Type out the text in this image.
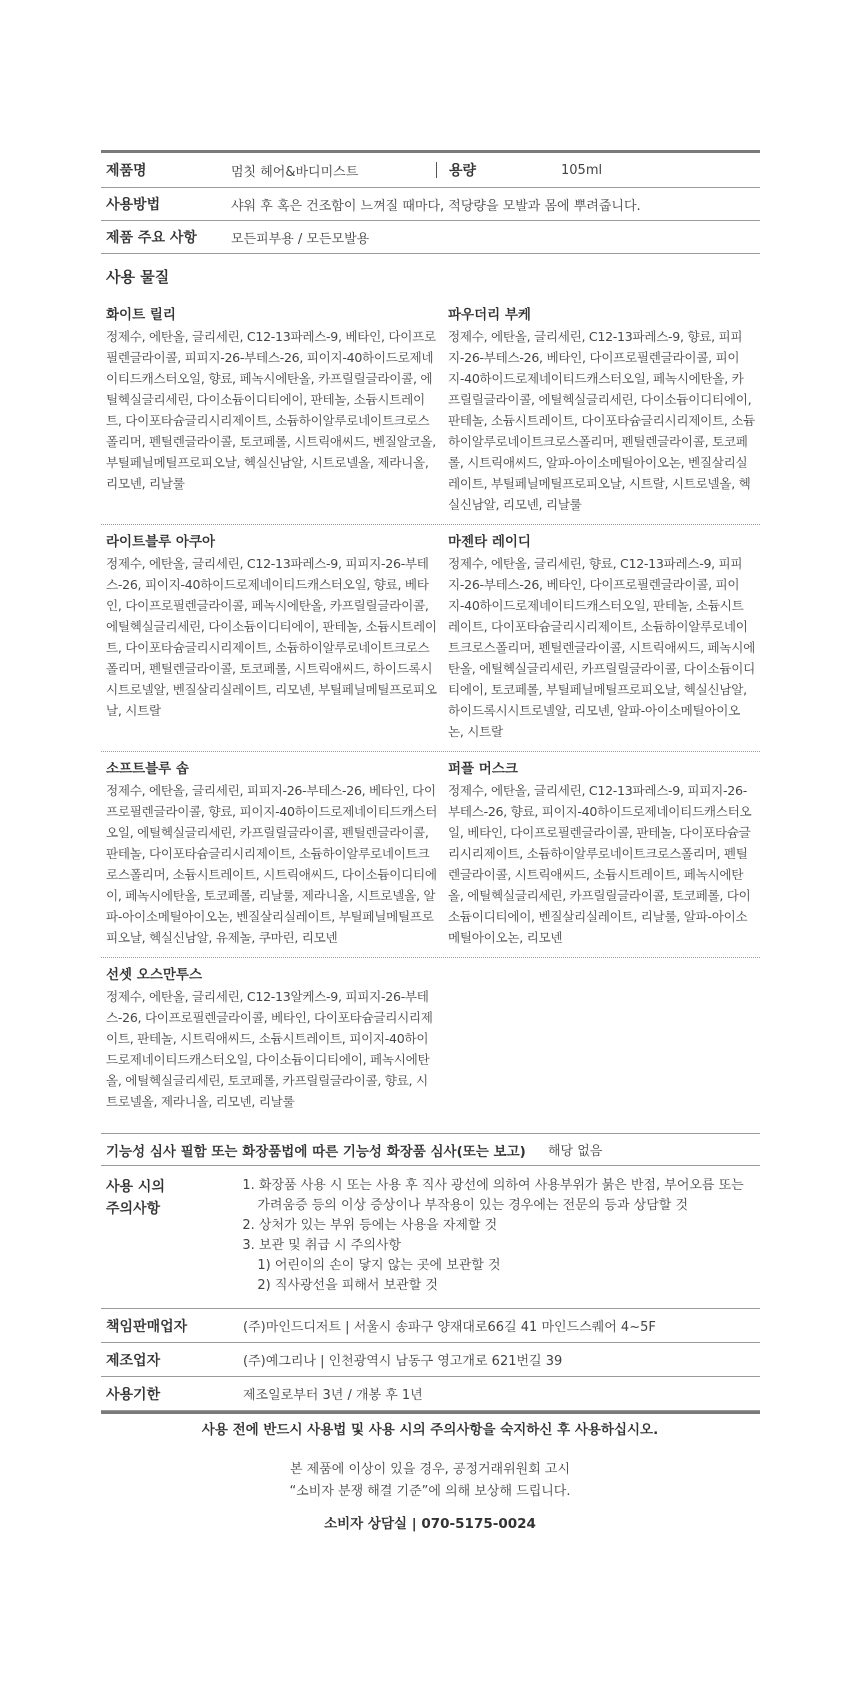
제품명	멈칫 헤어&바디미스트	용량	105ml
사용방법	샤워 후 혹은 건조함이 느껴질 때마다, 적당량을 모발과 몸에 뿌려줍니다.
제품 주요 사항	모든피부용 / 모든모발용
사용 물질
화이트 릴리
정제수, 에탄올, 글리세린, C12-13파레스-9, 베타인, 다이프로필렌글라이콜, 피피지-26-부테스-26, 피이지-40하이드로제네이티드캐스터오일, 향료, 페녹시에탄올, 카프릴릴글라이콜, 에틸헥실글리세린, 다이소듐이디티에이, 판테놀, 소듐시트레이트, 다이포타슘글리시리제이트, 소듐하이알루로네이트크로스폴리머, 펜틸렌글라이콜, 토코페롤, 시트릭애씨드, 벤질알코올, 부틸페닐메틸프로피오날, 헥실신남알, 시트로넬올, 제라니올, 리모넨, 리날룰
파우더리 부케
정제수, 에탄올, 글리세린, C12-13파레스-9, 향료, 피피지-26-부테스-26, 베타인, 다이프로필렌글라이콜, 피이지-40하이드로제네이티드캐스터오일, 페녹시에탄올, 카프릴릴글라이콜, 에틸헥실글리세린, 다이소듐이디티에이, 판테놀, 소듐시트레이트, 다이포타슘글리시리제이트, 소듐하이알루로네이트크로스폴리머, 펜틸렌글라이콜, 토코페롤, 시트릭애씨드, 알파-아이소메틸아이오논, 벤질살리실레이트, 부틸페닐메틸프로피오날, 시트랄, 시트로넬올, 헥실신남알, 리모넨, 리날룰
라이트블루 아쿠아
정제수, 에탄올, 글리세린, C12-13파레스-9, 피피지-26-부테스-26, 피이지-40하이드로제네이티드캐스터오일, 향료, 베타인, 다이프로필렌글라이콜, 페녹시에탄올, 카프릴릴글라이콜, 에틸헥실글리세린, 다이소듐이디티에이, 판테놀, 소듐시트레이트, 다이포타슘글리시리제이트, 소듐하이알루로네이트크로스폴리머, 펜틸렌글라이콜, 토코페롤, 시트릭애씨드, 하이드록시시트로넬알, 벤질살리실레이트, 리모넨, 부틸페닐메틸프로피오날, 시트랄
마젠타 레이디
정제수, 에탄올, 글리세린, 향료, C12-13파레스-9, 피피지-26-부테스-26, 베타인, 다이프로필렌글라이콜, 피이지-40하이드로제네이티드캐스터오일, 판테놀, 소듐시트레이트, 다이포타슘글리시리제이트, 소듐하이알루로네이트크로스폴리머, 펜틸렌글라이콜, 시트릭애씨드, 페녹시에탄올, 에틸헥실글리세린, 카프릴릴글라이콜, 다이소듐이디티에이, 토코페롤, 부틸페닐메틸프로피오날, 헥실신남알, 하이드록시시트로넬알, 리모넨, 알파-아이소메틸아이오논, 시트랄
소프트블루 솝
정제수, 에탄올, 글리세린, 피피지-26-부테스-26, 베타인, 다이프로필렌글라이콜, 향료, 피이지-40하이드로제네이티드캐스터오일, 에틸헥실글리세린, 카프릴릴글라이콜, 펜틸렌글라이콜, 판테놀, 다이포타슘글리시리제이트, 소듐하이알루로네이트크로스폴리머, 소듐시트레이트, 시트릭애씨드, 다이소듐이디티에이, 페녹시에탄올, 토코페롤, 리날룰, 제라니올, 시트로넬올, 알파-아이소메틸아이오논, 벤질살리실레이트, 부틸페닐메틸프로피오날, 헥실신남알, 유제놀, 쿠마린, 리모넨
퍼플 머스크
정제수, 에탄올, 글리세린, C12-13파레스-9, 피피지-26-부테스-26, 향료, 피이지-40하이드로제네이티드캐스터오일, 베타인, 다이프로필렌글라이콜, 판테놀, 다이포타슘글리시리제이트, 소듐하이알루로네이트크로스폴리머, 펜틸렌글라이콜, 시트릭애씨드, 소듐시트레이트, 페녹시에탄올, 에틸헥실글리세린, 카프릴릴글라이콜, 토코페롤, 다이소듐이디티에이, 벤질살리실레이트, 리날룰, 알파-아이소메틸아이오논, 리모넨
선셋 오스만투스
정제수, 에탄올, 글리세린, C12-13알케스-9, 피피지-26-부테스-26, 다이프로필렌글라이콜, 베타인, 다이포타슘글리시리제이트, 판테놀, 시트릭애씨드, 소듐시트레이트, 피이지-40하이드로제네이티드캐스터오일, 다이소듐이디티에이, 페녹시에탄올, 에틸헥실글리세린, 토코페롤, 카프릴릴글라이콜, 향료, 시트로넬올, 제라니올, 리모넨, 리날룰
기능성 심사 필함 또는 화장품법에 따른 기능성 화장품 심사(또는 보고)	해당 없음
사용 시의
주의사항
1. 화장품 사용 시 또는 사용 후 직사 광선에 의하여 사용부위가 붉은 반점, 부어오름 또는
가려움증 등의 이상 증상이나 부작용이 있는 경우에는 전문의 등과 상담할 것
2. 상처가 있는 부위 등에는 사용을 자제할 것
3. 보관 및 취급 시 주의사항
1) 어린이의 손이 닿지 않는 곳에 보관할 것
2) 직사광선을 피해서 보관할 것
책임판매업자	(주)마인드디저트 | 서울시 송파구 양재대로66길 41 마인드스퀘어 4~5F
제조업자	(주)예그리나 | 인천광역시 남동구 영고개로 621번길 39
사용기한	제조일로부터 3년 / 개봉 후 1년
사용 전에 반드시 사용법 및 사용 시의 주의사항을 숙지하신 후 사용하십시오.
본 제품에 이상이 있을 경우, 공정거래위원회 고시
“소비자 분쟁 해결 기준”에 의해 보상해 드립니다.
소비자 상담실 | 070-5175-0024
